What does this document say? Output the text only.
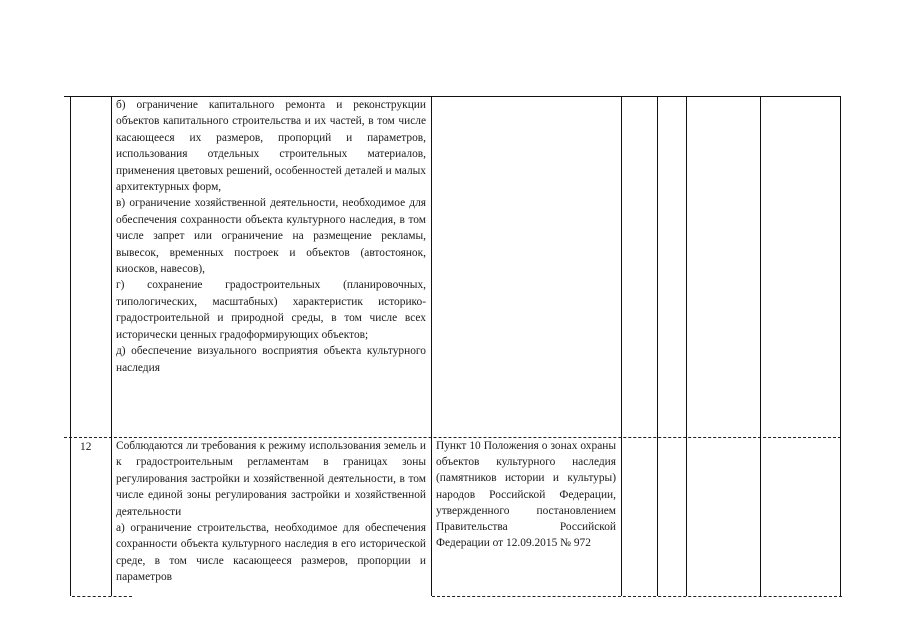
б) ограничение капитального ремонта и реконструкции объектов капитального строительства и их частей, в том числе касающееся их размеров, пропорций и параметров, использования отдельных строительных материалов, применения цветовых решений, особенностей деталей и малых архитектурных форм,

в) ограничение хозяйственной деятельности, необходимое для обеспечения сохранности объекта культурного наследия, в том числе запрет или ограничение на размещение рекламы, вывесок, временных построек и объектов (автостоянок, киосков, навесов),

г) сохранение градостроительных (планировочных, типологических, масштабных) характеристик историко-градостроительной и природной среды, в том числе всех исторически ценных градоформирующих объектов;

д) обеспечение визуального восприятия объекта культурного наследия

12 Соблюдаются ли требования к режиму использования земель и к градостроительным регламентам в границах зоны регулирования застройки и хозяйственной деятельности, в том числе единой зоны регулирования застройки и хозяйственной деятельности

а) ограничение строительства, необходимое для обеспечения сохранности объекта культурного наследия в его исторической среде, в том числе касающееся размеров, пропорции и параметров

Пункт 10 Положения о зонах охраны объектов культурного наследия (памятников истории и культуры) народов Российской Федерации, утвержденного постановлением Правительства Российской Федерации от 12.09.2015 № 972
